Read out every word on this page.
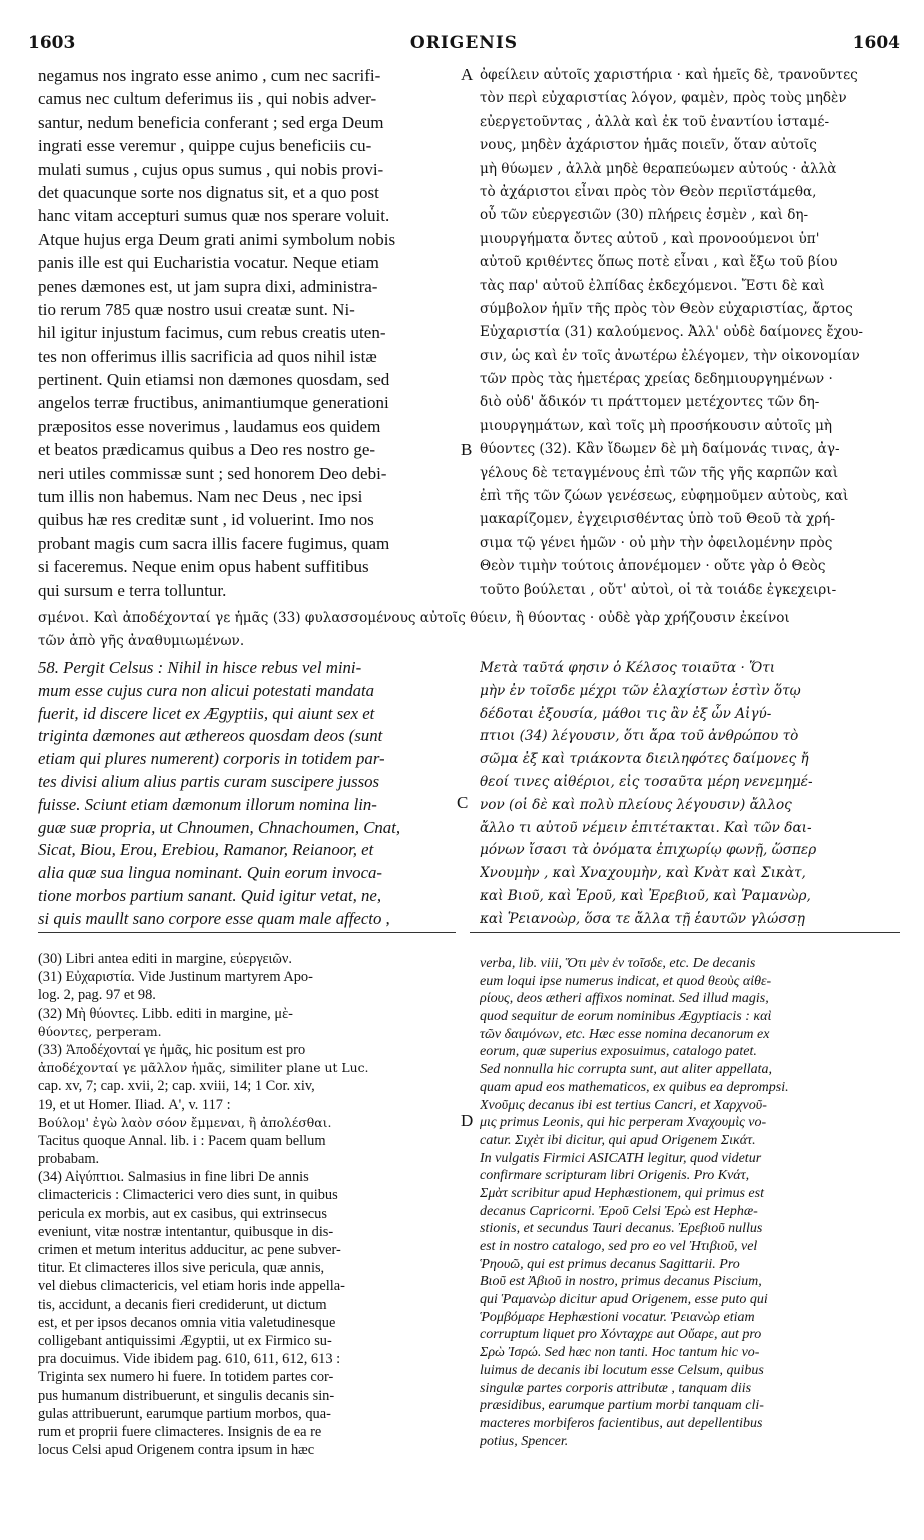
1603	ORIGENIS	1604
A
B
C
D
negamus nos ingrato esse animo , cum nec sacrifi-
camus nec cultum deferimus iis , qui nobis adver-
santur, nedum beneficia conferant ; sed erga Deum
ingrati esse veremur , quippe cujus beneficiis cu-
mulati sumus , cujus opus sumus , qui nobis provi-
det quacunque sorte nos dignatus sit, et a quo post
hanc vitam accepturi sumus quæ nos sperare voluit.
Atque hujus erga Deum grati animi symbolum nobis
panis ille est qui Eucharistia vocatur. Neque etiam
penes dæmones est, ut jam supra dixi, administra-
tio rerum 785 quæ nostro usui creatæ sunt. Ni-
hil igitur injustum facimus, cum rebus creatis uten-
tes non offerimus illis sacrificia ad quos nihil istæ
pertinent. Quin etiamsi non dæmones quosdam, sed
angelos terræ fructibus, animantiumque generationi
præpositos esse noverimus , laudamus eos quidem
et beatos prædicamus quibus a Deo res nostro ge-
neri utiles commissæ sunt ; sed honorem Deo debi-
tum illis non habemus. Nam nec Deus , nec ipsi
quibus hæ res creditæ sunt , id voluerint. Imo nos
probant magis cum sacra illis facere fugimus, quam
si faceremus. Neque enim opus habent suffitibus
qui sursum e terra tolluntur.
ὀφείλειν αὐτοῖς χαριστήρια · καὶ ἡμεῖς δὲ, τρανοῦντες
τὸν περὶ εὐχαριστίας λόγον, φαμὲν, πρὸς τοὺς μηδὲν
εὐεργετοῦντας , ἀλλὰ καὶ ἐκ τοῦ ἐναντίου ἱσταμέ-
νους, μηδὲν ἀχάριστον ἡμᾶς ποιεῖν, ὅταν αὐτοῖς
μὴ θύωμεν , ἀλλὰ μηδὲ θεραπεύωμεν αὐτούς · ἀλλὰ
τὸ ἀχάριστοι εἶναι πρὸς τὸν Θεὸν περιϊστάμεθα,
οὗ τῶν εὐεργεσιῶν (30) πλήρεις ἐσμὲν , καὶ δη-
μιουργήματα ὄντες αὐτοῦ , καὶ προνοούμενοι ὑπ'
αὐτοῦ κριθέντες ὅπως ποτὲ εἶναι , καὶ ἔξω τοῦ βίου
τὰς παρ' αὐτοῦ ἐλπίδας ἐκδεχόμενοι. Ἔστι δὲ καὶ
σύμβολον ἡμῖν τῆς πρὸς τὸν Θεὸν εὐχαριστίας, ἄρτος
Εὐχαριστία (31) καλούμενος. Ἀλλ' οὐδὲ δαίμονες ἔχου-
σιν, ὡς καὶ ἐν τοῖς ἀνωτέρω ἐλέγομεν, τὴν οἰκονομίαν
τῶν πρὸς τὰς ἡμετέρας χρείας δεδημιουργημένων ·
διὸ οὐδ' ἄδικόν τι πράττομεν μετέχοντες τῶν δη-
μιουργημάτων, καὶ τοῖς μὴ προσήκουσιν αὐτοῖς μὴ
θύοντες (32). Κἂν ἴδωμεν δὲ μὴ δαίμονάς τινας, ἀγ-
γέλους δὲ τεταγμένους ἐπὶ τῶν τῆς γῆς καρπῶν καὶ
ἐπὶ τῆς τῶν ζώων γενέσεως, εὐφημοῦμεν αὐτοὺς, καὶ
μακαρίζομεν, ἐγχειρισθέντας ὑπὸ τοῦ Θεοῦ τὰ χρή-
σιμα τῷ γένει ἡμῶν · οὐ μὴν τὴν ὀφειλομένην πρὸς
Θεὸν τιμὴν τούτοις ἀπονέμομεν · οὔτε γὰρ ὁ Θεὸς
τοῦτο βούλεται , οὔτ' αὐτοὶ, οἱ τὰ τοιάδε ἐγκεχειρι-
σμένοι. Καὶ ἀποδέχονταί γε ἡμᾶς (33) φυλασσομένους αὐτοῖς θύειν, ἢ θύοντας · οὐδὲ γὰρ χρήζουσιν ἐκείνοι
τῶν ἀπὸ γῆς ἀναθυμιωμένων.
58. Pergit Celsus : Nihil in hisce rebus vel mini-
mum esse cujus cura non alicui potestati mandata
fuerit, id discere licet ex Ægyptiis, qui aiunt sex et
triginta dæmones aut æthereos quosdam deos (sunt
etiam qui plures numerent) corporis in totidem par-
tes divisi alium alius partis curam suscipere jussos
fuisse. Sciunt etiam dæmonum illorum nomina lin-
guæ suæ propria, ut Chnoumen, Chnachoumen, Cnat,
Sicat, Biou, Erou, Erebiou, Ramanor, Reianoor, et
alia quæ sua lingua nominant. Quin eorum invoca-
tione morbos partium sanant. Quid igitur vetat, ne,
si quis maullt sano corpore esse quam male affecto ,
Μετὰ ταῦτά φησιν ὁ Κέλσος τοιαῦτα · Ὅτι
μὴν ἐν τοῖσδε μέχρι τῶν ἐλαχίστων ἐστὶν ὅτῳ
δέδοται ἐξουσία, μάθοι τις ἂν ἐξ ὧν Αἰγύ-
πτιοι (34) λέγουσιν, ὅτι ἄρα τοῦ ἀνθρώπου τὸ
σῶμα ἐξ καὶ τριάκοντα διειληφότες δαίμονες ἤ
θεοί τινες αἰθέριοι, εἰς τοσαῦτα μέρη νενεμημέ-
νον (οἱ δὲ καὶ πολὺ πλείους λέγουσιν) ἄλλος
ἄλλο τι αὐτοῦ νέμειν ἐπιτέτακται. Καὶ τῶν δαι-
μόνων ἴσασι τὰ ὀνόματα ἐπιχωρίῳ φωνῇ, ὥσπερ
Χνουμὴν , καὶ Χναχουμὴν, καὶ Κνὰτ καὶ Σικὰτ,
καὶ Βιοῦ, καὶ Ἐροῦ, καὶ Ἐρεβιοῦ, καὶ Ῥαμανὼρ,
καὶ Ῥειανοὼρ, ὅσα τε ἄλλα τῇ ἑαυτῶν γλώσσῃ
(30) Libri antea editi in margine, εὐεργειῶν.
(31) Εὐχαριστία. Vide Justinum martyrem Apo-
log. 2, pag. 97 et 98.
(32) Μὴ θύοντες. Libb. editi in margine, μὲ-
θύοντες, perperam.
(33) Ἀποδέχονταί γε ἡμᾶς, hic positum est pro
ἀποδέχονταί γε μᾶλλον ἡμᾶς, similiter plane ut Luc.
cap. xv, 7; cap. xvii, 2; cap. xviii, 14; 1 Cor. xiv,
19, et ut Homer. Iliad. Α', v. 117 :
Βούλομ' ἐγὼ λαὸν σόον ἔμμεναι, ἢ ἀπολέσθαι.
Tacitus quoque Annal. lib. i : Pacem quam bellum
probabam.
(34) Αἰγύπτιοι. Salmasius in fine libri De annis
climactericis : Climacterici vero dies sunt, in quibus
pericula ex morbis, aut ex casibus, qui extrinsecus
eveniunt, vitæ nostræ intentantur, quibusque in dis-
crimen et metum interitus adducitur, ac pene subver-
titur. Et climacteres illos sive pericula, quæ annis,
vel diebus climactericis, vel etiam horis inde appella-
tis, accidunt, a decanis fieri crediderunt, ut dictum
est, et per ipsos decanos omnia vitia valetudinesque
colligebant antiquissimi Ægyptii, ut ex Firmico su-
pra docuimus. Vide ibidem pag. 610, 611, 612, 613 :
Triginta sex numero hi fuere. In totidem partes cor-
pus humanum distribuerunt, et singulis decanis sin-
gulas attribuerunt, earumque partium morbos, qua-
rum et proprii fuere climacteres. Insignis de ea re
locus Celsi apud Origenem contra ipsum in hæc
verba, lib. viii, Ὅτι μὲν ἐν τοῖσδε, etc. De decanis
eum loqui ipse numerus indicat, et quod θεοὺς αἰθε-
ρίους, deos ætheri affixos nominat. Sed illud magis,
quod sequitur de eorum nominibus Ægyptiacis : καὶ
τῶν δαιμόνων, etc. Hæc esse nomina decanorum ex
eorum, quæ superius exposuimus, catalogo patet.
Sed nonnulla hic corrupta sunt, aut aliter appellata,
quam apud eos mathematicos, ex quibus ea deprompsi.
Χνοῦμις decanus ibi est tertius Cancri, et Χαρχνοῦ-
μις primus Leonis, qui hic perperam Χναχουμὶς vo-
catur. Σιχὲτ ibi dicitur, qui apud Origenem Σικάτ.
In vulgatis Firmici ASICATH legitur, quod videtur
confirmare scripturam libri Origenis. Pro Κνάτ,
Σμὰτ scribitur apud Hephæstionem, qui primus est
decanus Capricorni. Ἐροῦ Celsi Ἐρὼ est Hephæ-
stionis, et secundus Tauri decanus. Ἐρεβιοῦ nullus
est in nostro catalogo, sed pro eo vel Ἠτιβιοῦ, vel
Ῥηουῶ, qui est primus decanus Sagittarii. Pro
Βιοῦ est Ἀβιοῦ in nostro, primus decanus Piscium,
qui Ῥαμανὼρ dicitur apud Origenem, esse puto qui
Ῥομβόμαρε Hephæstioni vocatur. Ῥειανὼρ etiam
corruptum liquet pro Χόνταχρε aut Οὔαρε, aut pro
Σρὼ Ἰσρώ. Sed hæc non tanti. Hoc tantum hic vo-
luimus de decanis ibi locutum esse Celsum, quibus
singulæ partes corporis attributæ , tanquam diis
præsidibus, earumque partium morbi tanquam cli-
macteres morbiferos facientibus, aut depellentibus
potius, Spencer.
